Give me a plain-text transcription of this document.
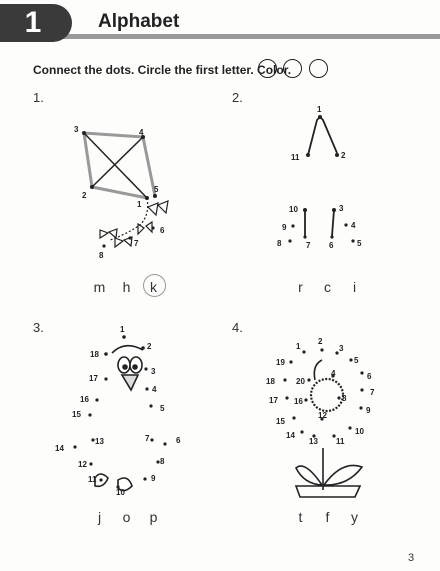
1	Alphabet
Connect the dots. Circle the first letter. Color.

1.	2.
3.	4.
1
2
3	4
5
6
7
8
1
2
3
4
5
6
7
8
9
10
11
1
2
3
4
5
6
7
8
9
10
11
12
13
14
15
16
17
18
1
2
3
4
5
6
7
8
9
10
11
12
13
14
15
16
17
18
19
20
m h k	r c i
j o p	t f y
3
